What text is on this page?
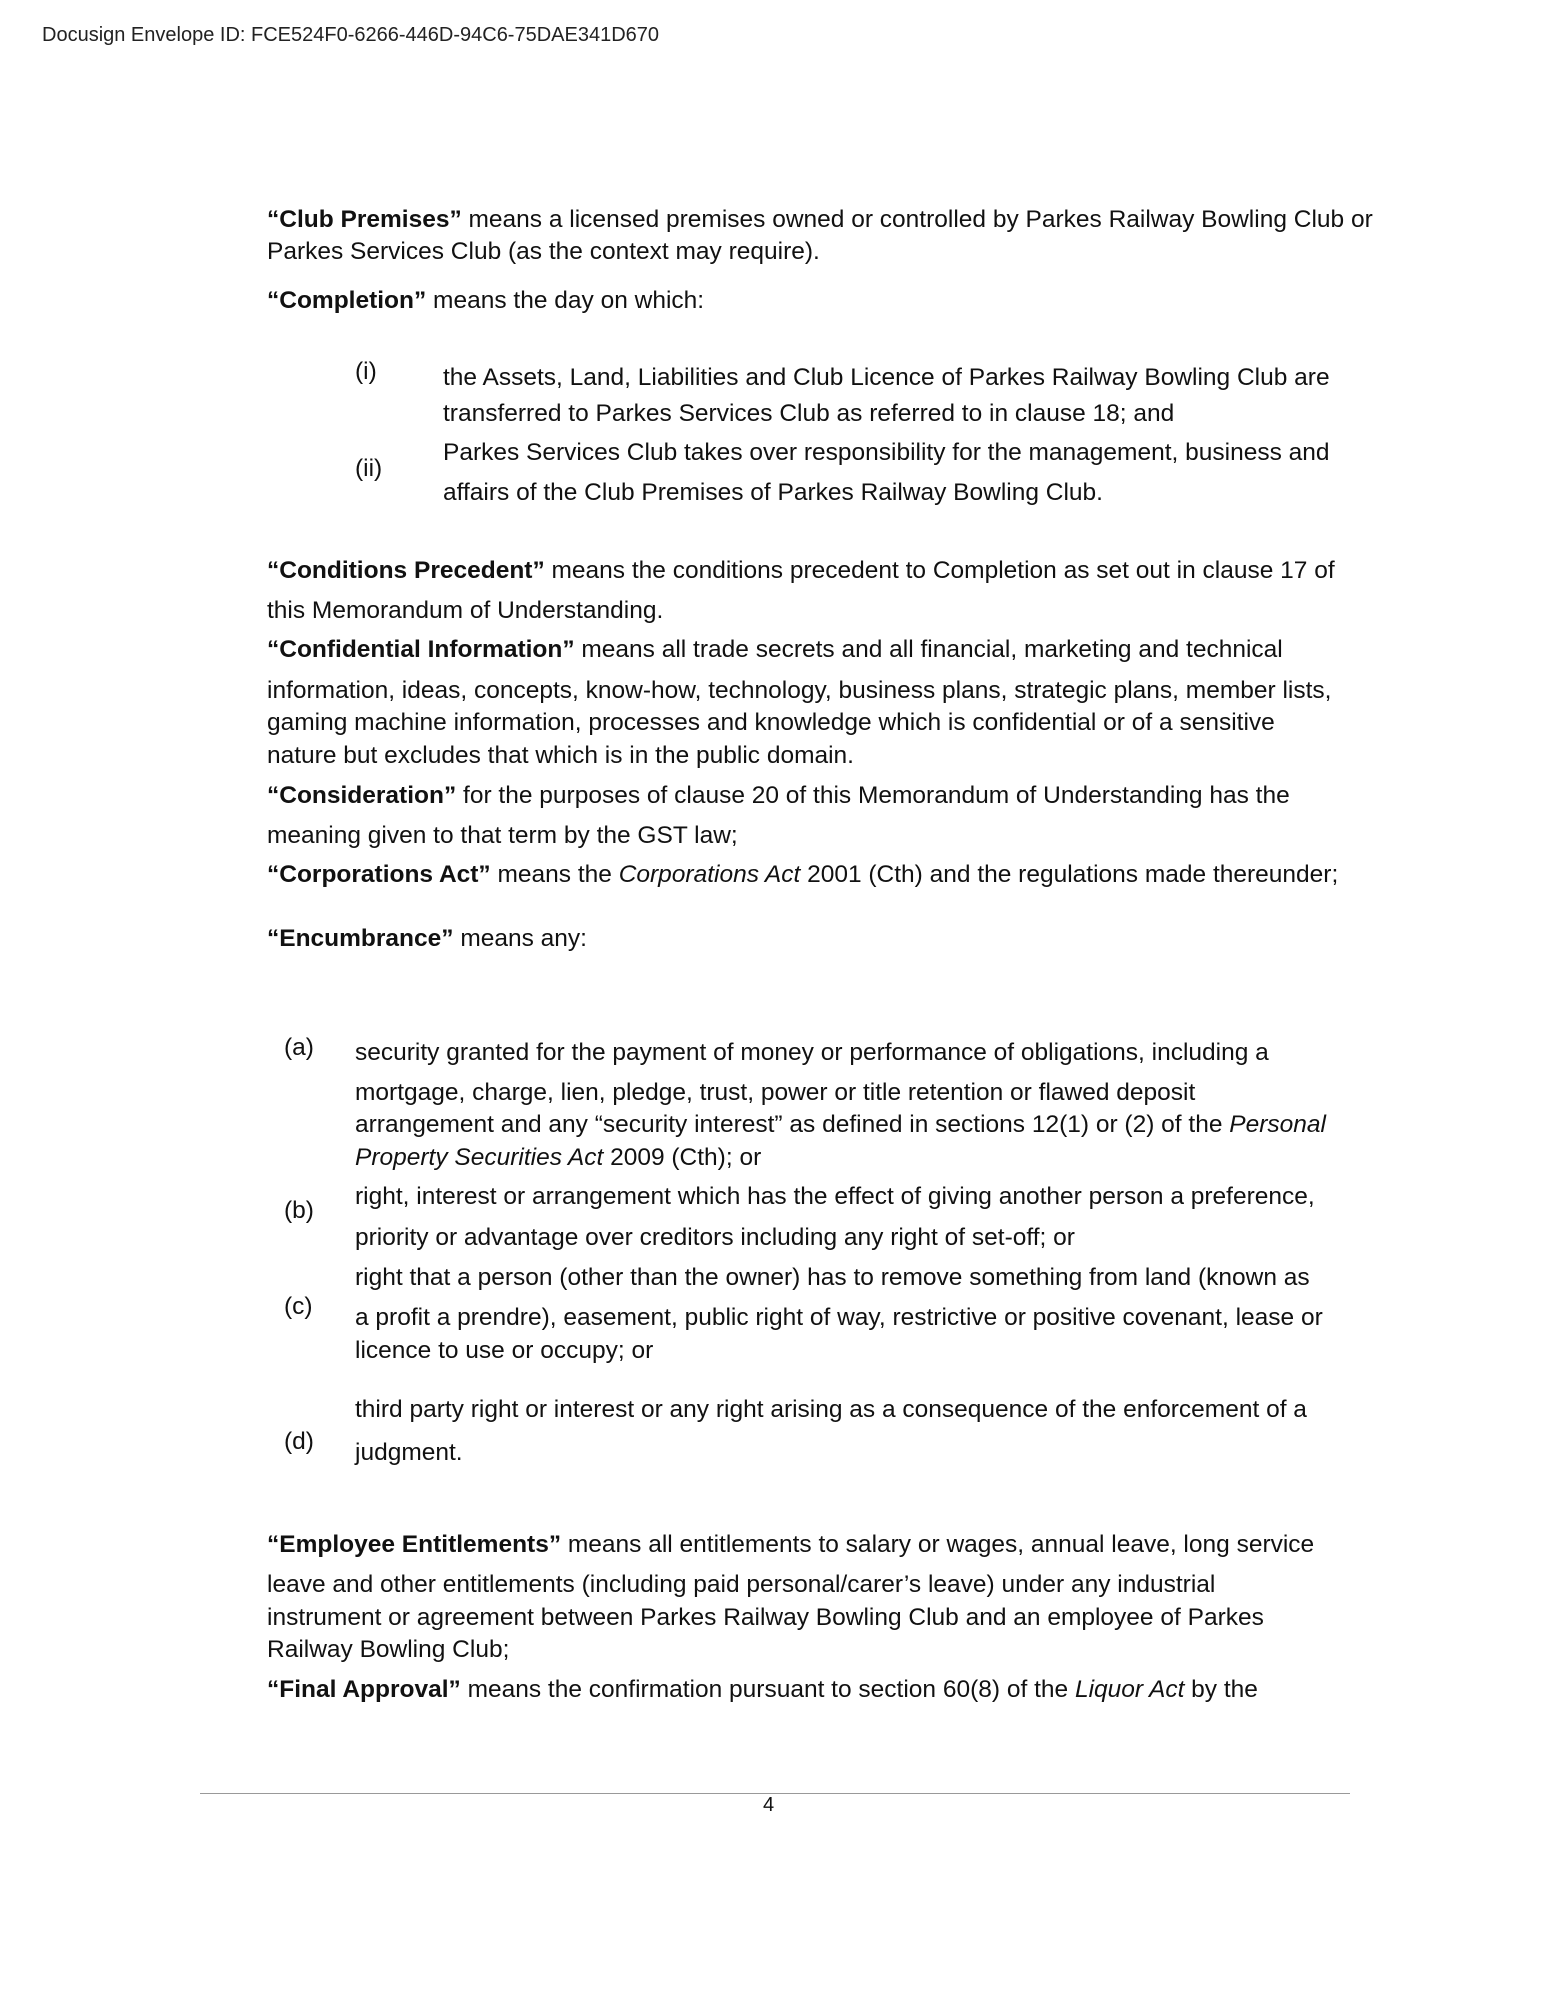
Docusign Envelope ID: FCE524F0-6266-446D-94C6-75DAE341D670
“Club Premises” means a licensed premises owned or controlled by Parkes Railway Bowling Club or
Parkes Services Club (as the context may require).
“Completion” means the day on which:
(i)	the Assets, Land, Liabilities and Club Licence of Parkes Railway Bowling Club are
transferred to Parkes Services Club as referred to in clause 18; and
(ii)
Parkes Services Club takes over responsibility for the management, business and
affairs of the Club Premises of Parkes Railway Bowling Club.
“Conditions Precedent” means the conditions precedent to Completion as set out in clause 17 of
this Memorandum of Understanding.
“Confidential Information” means all trade secrets and all financial, marketing and technical
information, ideas, concepts, know-how, technology, business plans, strategic plans, member lists,
gaming machine information, processes and knowledge which is confidential or of a sensitive
nature but excludes that which is in the public domain.
“Consideration” for the purposes of clause 20 of this Memorandum of Understanding has the
meaning given to that term by the GST law;
“Corporations Act” means the Corporations Act 2001 (Cth) and the regulations made thereunder;
“Encumbrance” means any:
(a) security granted for the payment of money or performance of obligations, including a
mortgage, charge, lien, pledge, trust, power or title retention or flawed deposit
arrangement and any “security interest” as defined in sections 12(1) or (2) of the Personal
Property Securities Act 2009 (Cth); or
(b)
right, interest or arrangement which has the effect of giving another person a preference,
priority or advantage over creditors including any right of set-off; or
(c)
right that a person (other than the owner) has to remove something from land (known as
a profit a prendre), easement, public right of way, restrictive or positive covenant, lease or
licence to use or occupy; or
(d)
third party right or interest or any right arising as a consequence of the enforcement of a
judgment.
“Employee Entitlements” means all entitlements to salary or wages, annual leave, long service
leave and other entitlements (including paid personal/carer’s leave) under any industrial
instrument or agreement between Parkes Railway Bowling Club and an employee of Parkes
Railway Bowling Club;
“Final Approval” means the confirmation pursuant to section 60(8) of the Liquor Act by the
4
